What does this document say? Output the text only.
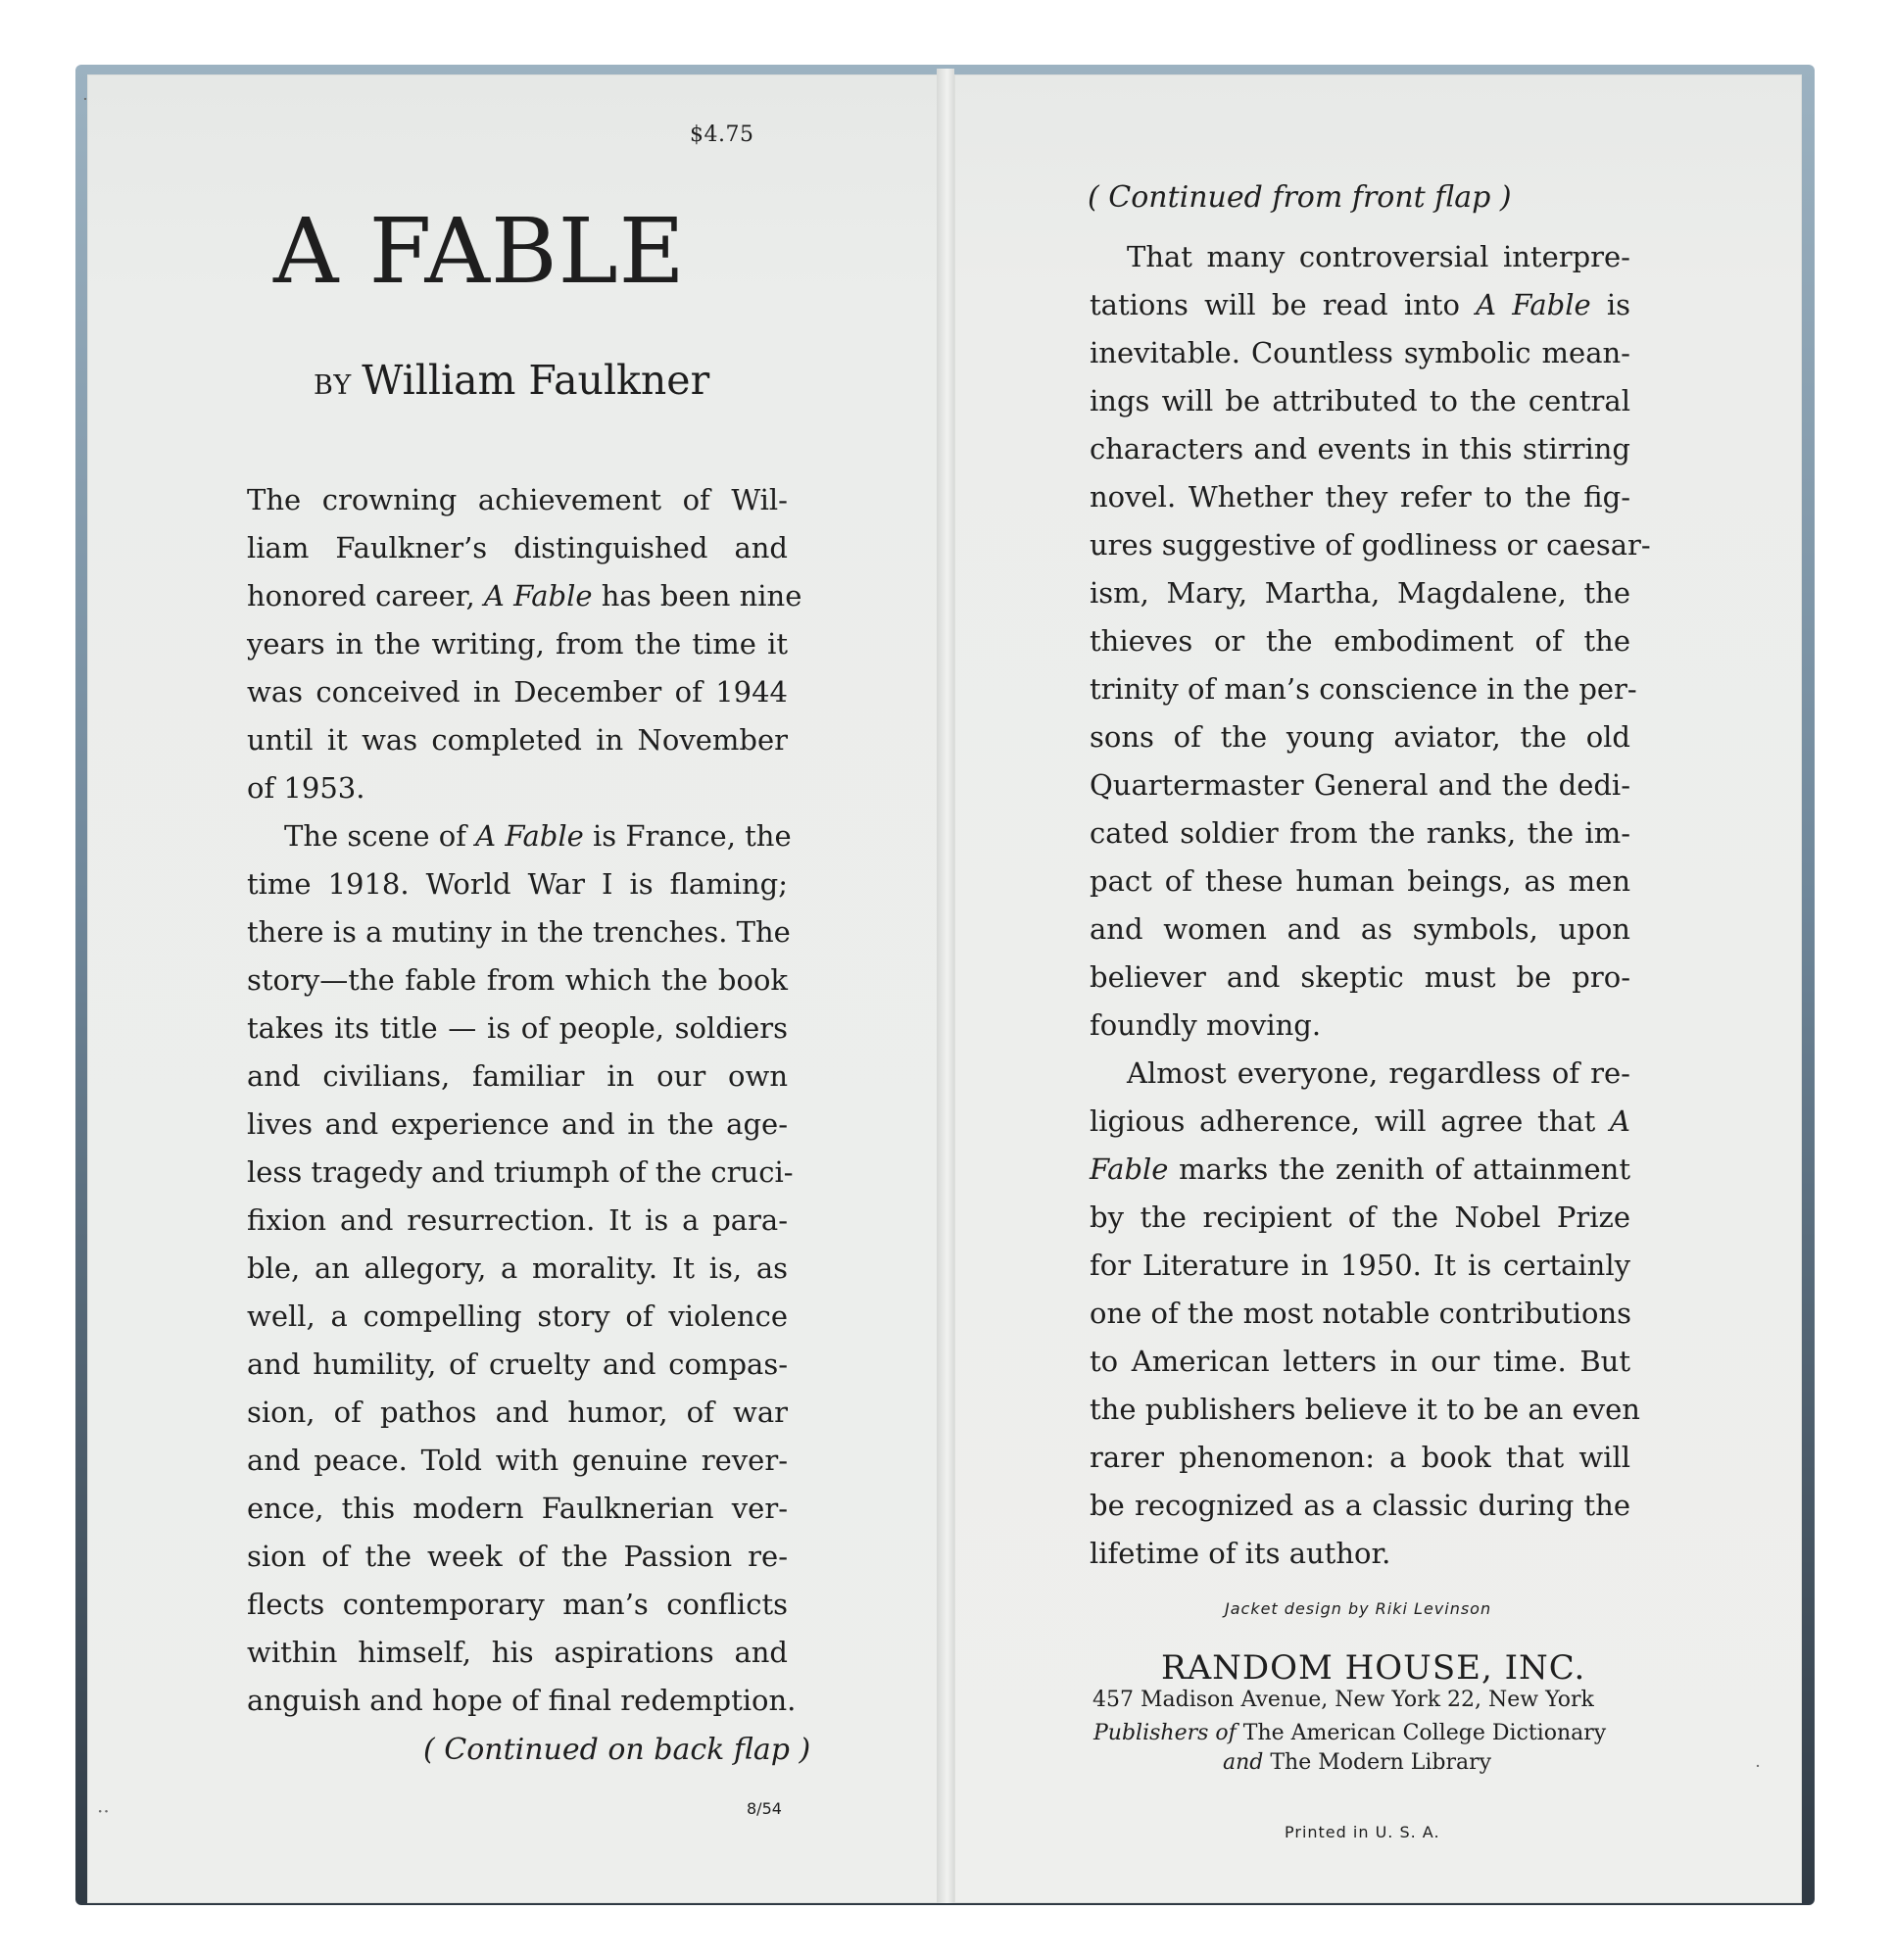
$4.75
A FABLE
BY William Faulkner
The crowning achievement of Wil-
liam Faulkner’s distinguished and
honored career, A Fable has been nine
years in the writing, from the time it
was conceived in December of 1944
until it was completed in November
of 1953.
The scene of A Fable is France, the
time 1918. World War I is flaming;
there is a mutiny in the trenches. The
story—the fable from which the book
takes its title — is of people, soldiers
and civilians, familiar in our own
lives and experience and in the age-
less tragedy and triumph of the cruci-
fixion and resurrection. It is a para-
ble, an allegory, a morality. It is, as
well, a compelling story of violence
and humility, of cruelty and compas-
sion, of pathos and humor, of war
and peace. Told with genuine rever-
ence, this modern Faulknerian ver-
sion of the week of the Passion re-
flects contemporary man’s conflicts
within himself, his aspirations and
anguish and hope of final redemption.
( Continued on back flap )
8/54
( Continued from front flap )
That many controversial interpre-
tations will be read into A Fable is
inevitable. Countless symbolic mean-
ings will be attributed to the central
characters and events in this stirring
novel. Whether they refer to the fig-
ures suggestive of godliness or caesar-
ism, Mary, Martha, Magdalene, the
thieves or the embodiment of the
trinity of man’s conscience in the per-
sons of the young aviator, the old
Quartermaster General and the dedi-
cated soldier from the ranks, the im-
pact of these human beings, as men
and women and as symbols, upon
believer and skeptic must be pro-
foundly moving.
Almost everyone, regardless of re-
ligious adherence, will agree that A
Fable marks the zenith of attainment
by the recipient of the Nobel Prize
for Literature in 1950. It is certainly
one of the most notable contributions
to American letters in our time. But
the publishers believe it to be an even
rarer phenomenon: a book that will
be recognized as a classic during the
lifetime of its author.
Jacket design by Riki Levinson
RANDOM HOUSE, INC.
457 Madison Avenue, New York 22, New York
Publishers of The American College Dictionary
and The Modern Library
Printed in U. S. A.
˙
··
˙
